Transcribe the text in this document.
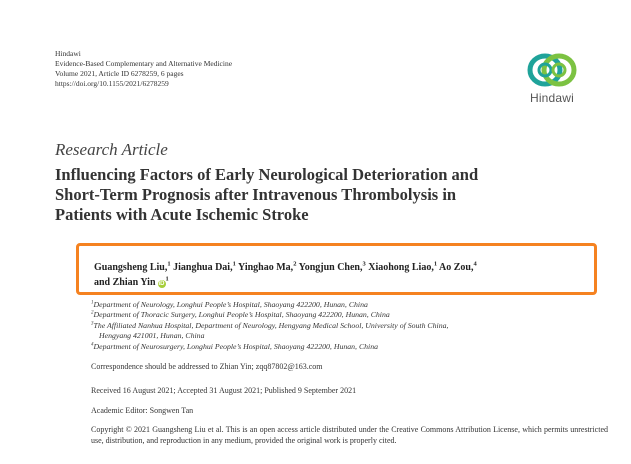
Hindawi
Evidence-Based Complementary and Alternative Medicine
Volume 2021, Article ID 6278259, 6 pages
https://doi.org/10.1155/2021/6278259
Hindawi
Research Article
Influencing Factors of Early Neurological Deterioration and
Short-Term Prognosis after Intravenous Thrombolysis in
Patients with Acute Ischemic Stroke
Guangsheng Liu,$^1$ Jianghua Dai,$^1$ Yinghao Ma,$^2$ Yongjun Chen,$^3$ Xiaohong Liao,$^1$ Ao Zou,$^4$
and Zhian Yin $iD^1$
$^1$Department of Neurology, Longhui People’s Hospital, Shaoyang 422200, Hunan, China
$^2$Department of Thoracic Surgery, Longhui People’s Hospital, Shaoyang 422200, Hunan, China
$^3$The Affiliated Nanhua Hospital, Department of Neurology, Hengyang Medical School, University of South China,
Hengyang 421001, Hunan, China
$^4$Department of Neurosurgery, Longhui People’s Hospital, Shaoyang 422200, Hunan, China
Correspondence should be addressed to Zhian Yin; zqq87802@163.com
Received 16 August 2021; Accepted 31 August 2021; Published 9 September 2021
Academic Editor: Songwen Tan
Copyright © 2021 Guangsheng Liu et al. This is an open access article distributed under the Creative Commons Attribution License, which permits unrestricted use, distribution, and reproduction in any medium, provided the original work is properly cited.
